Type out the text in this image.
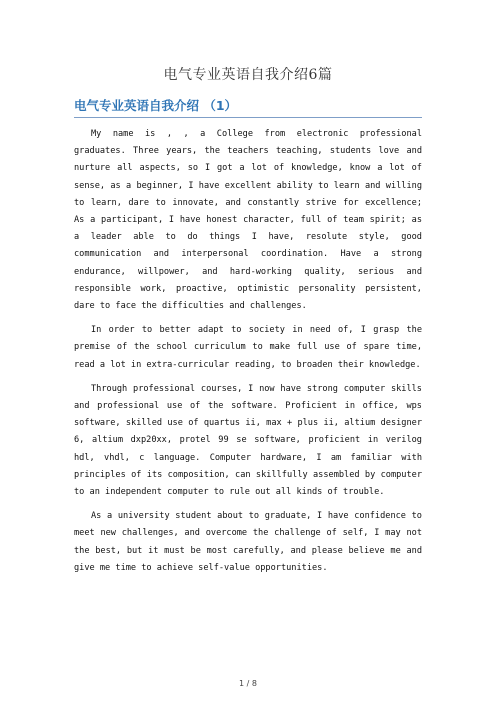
电气专业英语自我介绍6篇
电气专业英语自我介绍 （1）

My name is , , a College from electronic professional graduates. Three years, the teachers teaching, students love and nurture all aspects, so I got a lot of knowledge, know a lot of sense, as a beginner, I have excellent ability to learn and willing to learn, dare to innovate, and constantly strive for excellence; As a participant, I have honest character, full of team spirit; as a leader able to do things I have, resolute style, good communication and interpersonal coordination. Have a strong endurance, willpower, and hard-working quality, serious and responsible work, proactive, optimistic personality persistent, dare to face the difficulties and challenges.

In order to better adapt to society in need of, I grasp the premise of the school curriculum to make full use of spare time, read a lot in extra-curricular reading, to broaden their knowledge.

Through professional courses, I now have strong computer skills and professional use of the software. Proficient in office, wps software, skilled use of quartus ii, max + plus ii, altium designer 6, altium dxp20xx, protel 99 se software, proficient in verilog hdl, vhdl, c language. Computer hardware, I am familiar with principles of its composition, can skillfully assembled by computer to an independent computer to rule out all kinds of trouble.

As a university student about to graduate, I have confidence to meet new challenges, and overcome the challenge of self, I may not the best, but it must be most carefully, and please believe me and give me time to achieve self-value opportunities.

1 / 8
